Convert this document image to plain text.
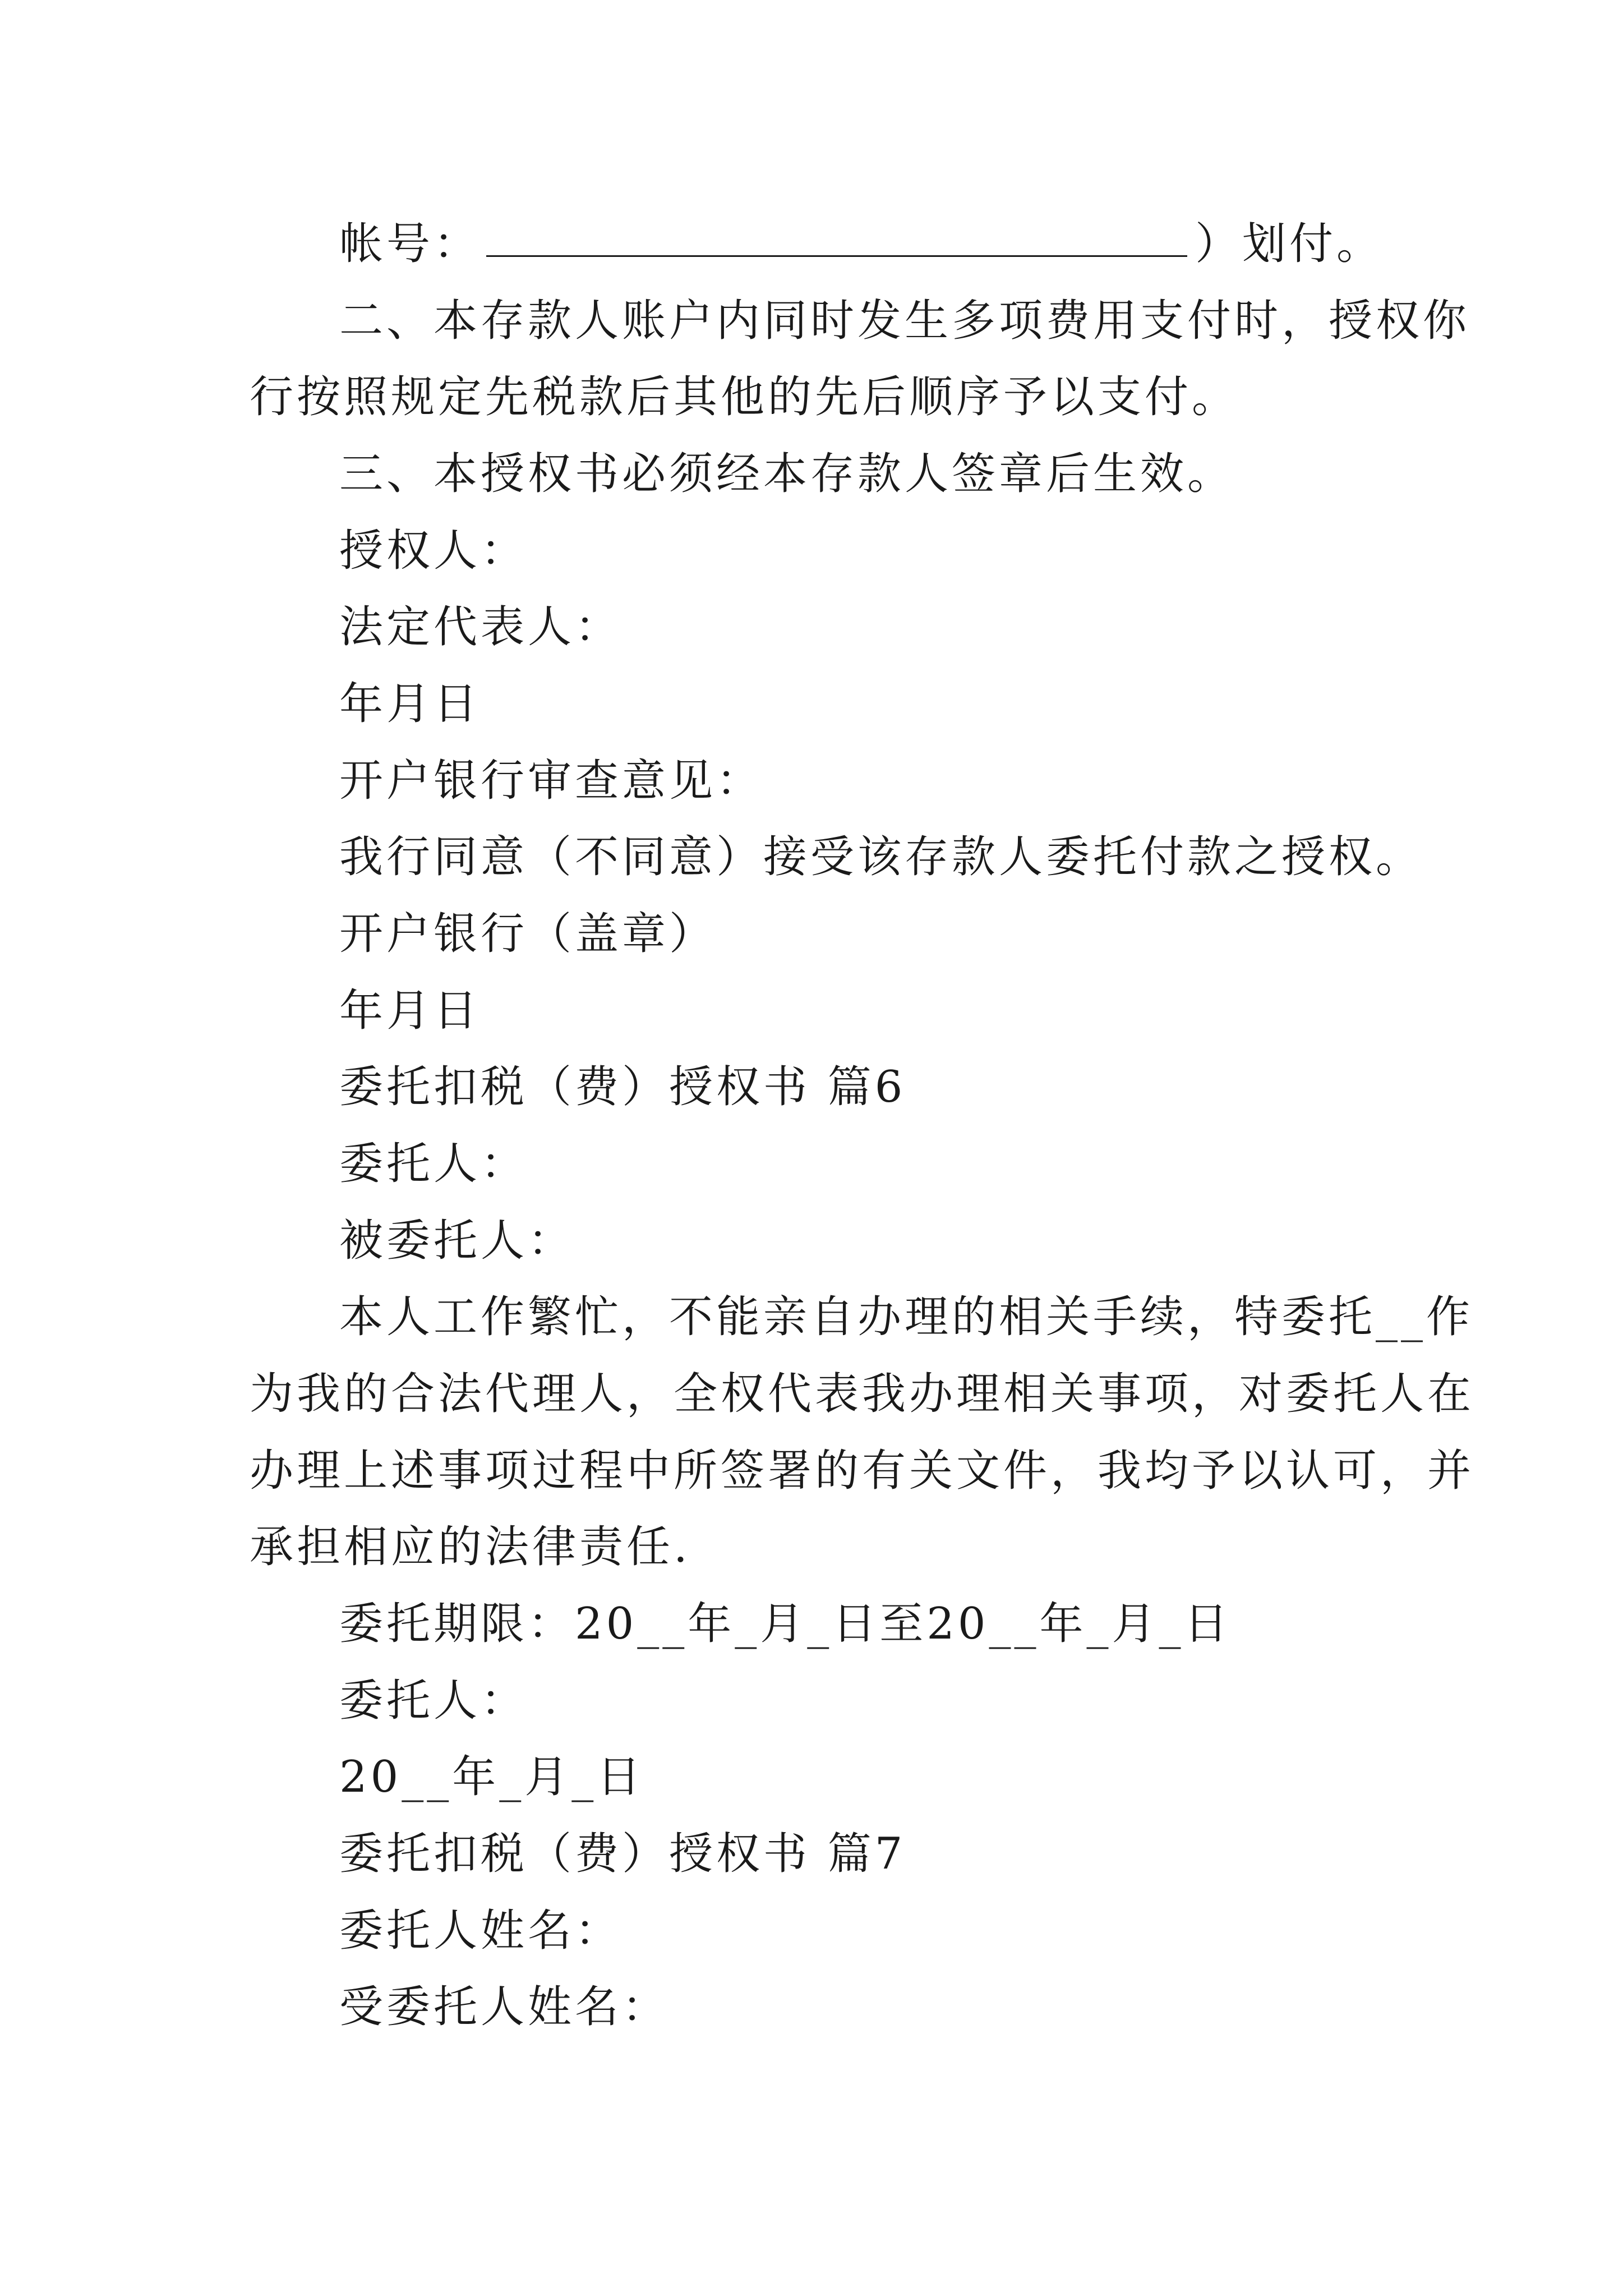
帐号：	）划付。
二、本存款人账户内同时发生多项费用支付时，授权你
行按照规定先税款后其他的先后顺序予以支付。
三、本授权书必须经本存款人签章后生效。
授权人：
法定代表人：
年月日
开户银行审查意见：
我行同意（不同意）接受该存款人委托付款之授权。
开户银行（盖章）
年月日
委托扣税（费）授权书 篇6
委托人：
被委托人：
本人工作繁忙，不能亲自办理的相关手续，特委托__作
为我的合法代理人，全权代表我办理相关事项，对委托人在
办理上述事项过程中所签署的有关文件，我均予以认可，并
承担相应的法律责任.
委托期限：20__年_月_日至20__年_月_日
委托人：
20__年_月_日
委托扣税（费）授权书 篇7
委托人姓名：
受委托人姓名：
